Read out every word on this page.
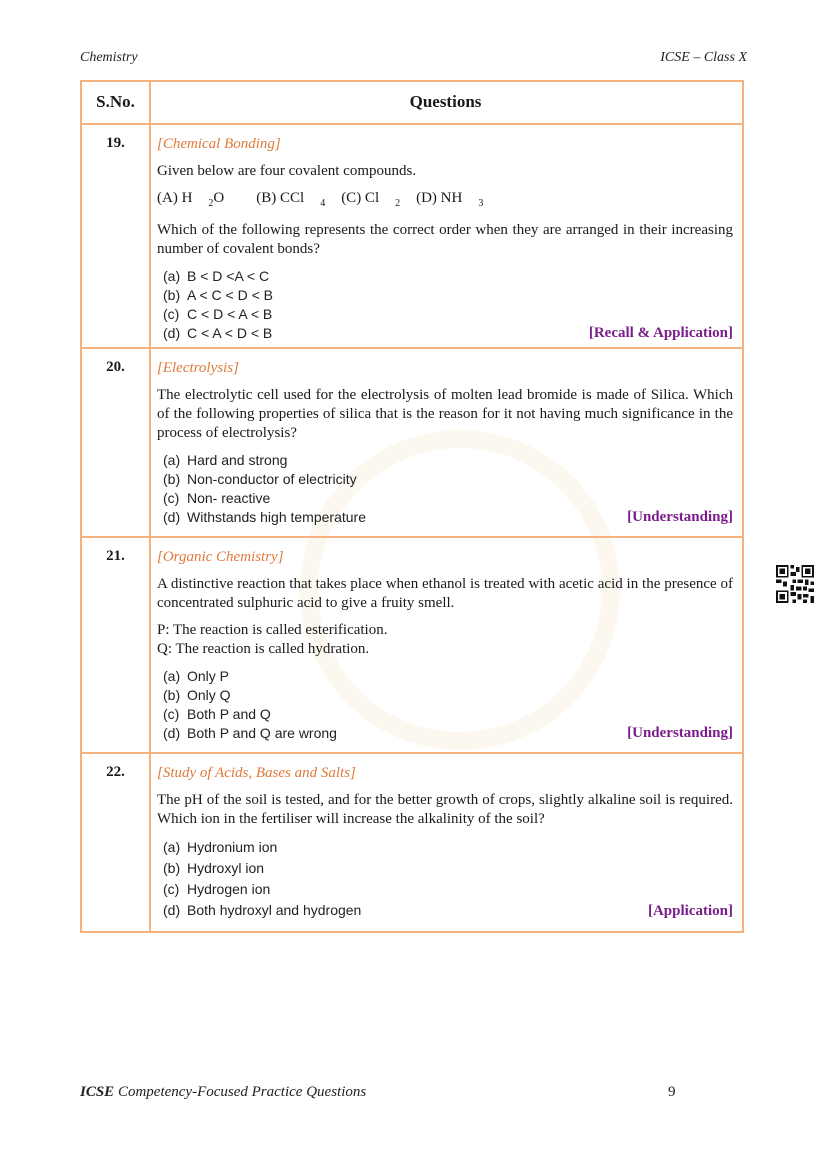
Chemistry	ICSE – Class X
S.No.	Questions
19.	[Chemical Bonding]
Given below are four covalent compounds.
(A) H $_2$O	(B) CCl $_4$ (C) Cl $_2$ (D) NH $_3$
Which of the following represents the correct order when they are arranged in their increasing number of covalent bonds?
(a) B < D <A < C
(b) A < C < D < B
(c) C < D < A < B
(d) C < A < D < B	[Recall & Application]
20.	[Electrolysis]
The electrolytic cell used for the electrolysis of molten lead bromide is made of Silica. Which of the following properties of silica that is the reason for it not having much significance in the process of electrolysis?
(a) Hard and strong
(b) Non-conductor of electricity
(c) Non- reactive
(d) Withstands high temperature	[Understanding]
21.	[Organic Chemistry]
A distinctive reaction that takes place when ethanol is treated with acetic acid in the presence of concentrated sulphuric acid to give a fruity smell.
P: The reaction is called esterification.
Q: The reaction is called hydration.
(a) Only P
(b) Only Q
(c) Both P and Q
(d) Both P and Q are wrong	[Understanding]
22.	[Study of Acids, Bases and Salts]
The pH of the soil is tested, and for the better growth of crops, slightly alkaline soil is required. Which ion in the fertiliser will increase the alkalinity of the soil?
(a) Hydronium ion
(b) Hydroxyl ion
(c) Hydrogen ion
(d) Both hydroxyl and hydrogen	[Application]
ICSE Competency-Focused Practice Questions	9
